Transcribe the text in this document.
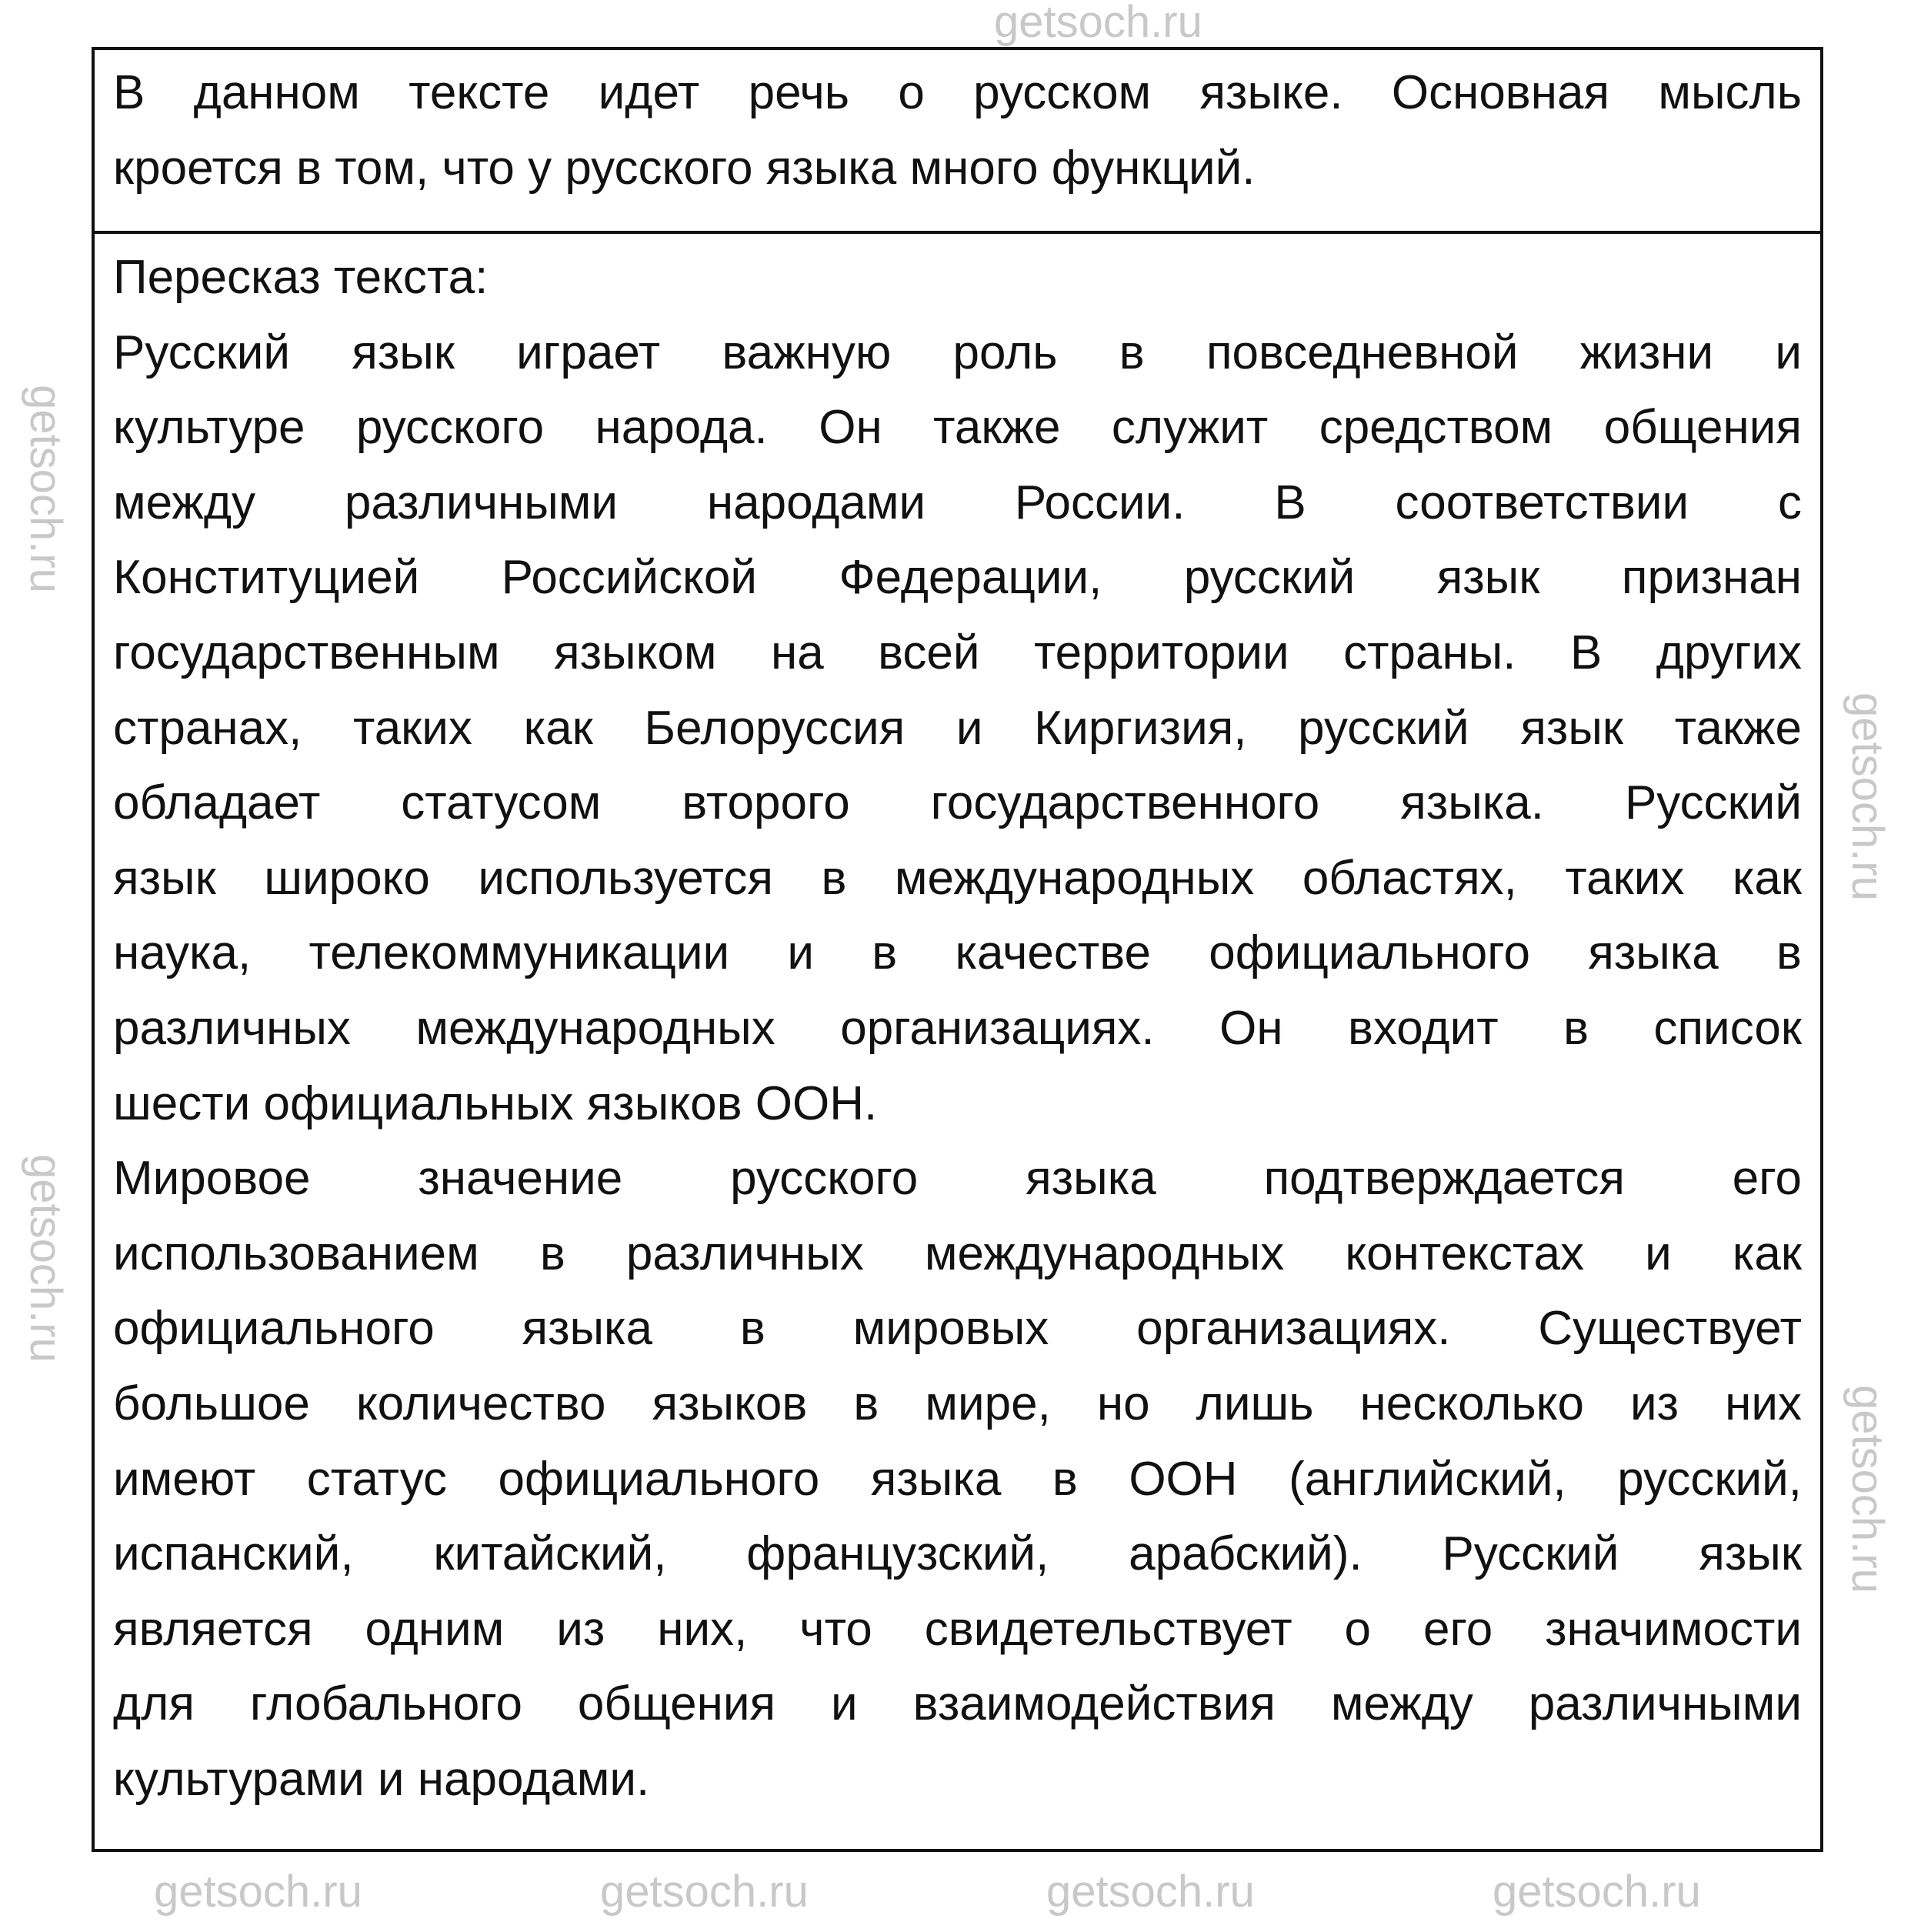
В данном тексте идет речь о русском языке. Основная мысль
кроется в том, что у русского языка много функций.
Пересказ текста:
Русский язык играет важную роль в повседневной жизни и
культуре русского народа. Он также служит средством общения
между различными народами России. В соответствии с
Конституцией Российской Федерации, русский язык признан
государственным языком на всей территории страны. В других
странах, таких как Белоруссия и Киргизия, русский язык также
обладает статусом второго государственного языка. Русский
язык широко используется в международных областях, таких как
наука, телекоммуникации и в качестве официального языка в
различных международных организациях. Он входит в список
шести официальных языков ООН.
Мировое значение русского языка подтверждается его
использованием в различных международных контекстах и как
официального языка в мировых организациях. Существует
большое количество языков в мире, но лишь несколько из них
имеют статус официального языка в ООН (английский, русский,
испанский, китайский, французский, арабский). Русский язык
является одним из них, что свидетельствует о его значимости
для глобального общения и взаимодействия между различными
культурами и народами.
getsoch.ru
getsoch.ru
getsoch.ru
getsoch.ru
getsoch.ru
getsoch.ru	getsoch.ru	getsoch.ru	getsoch.ru
